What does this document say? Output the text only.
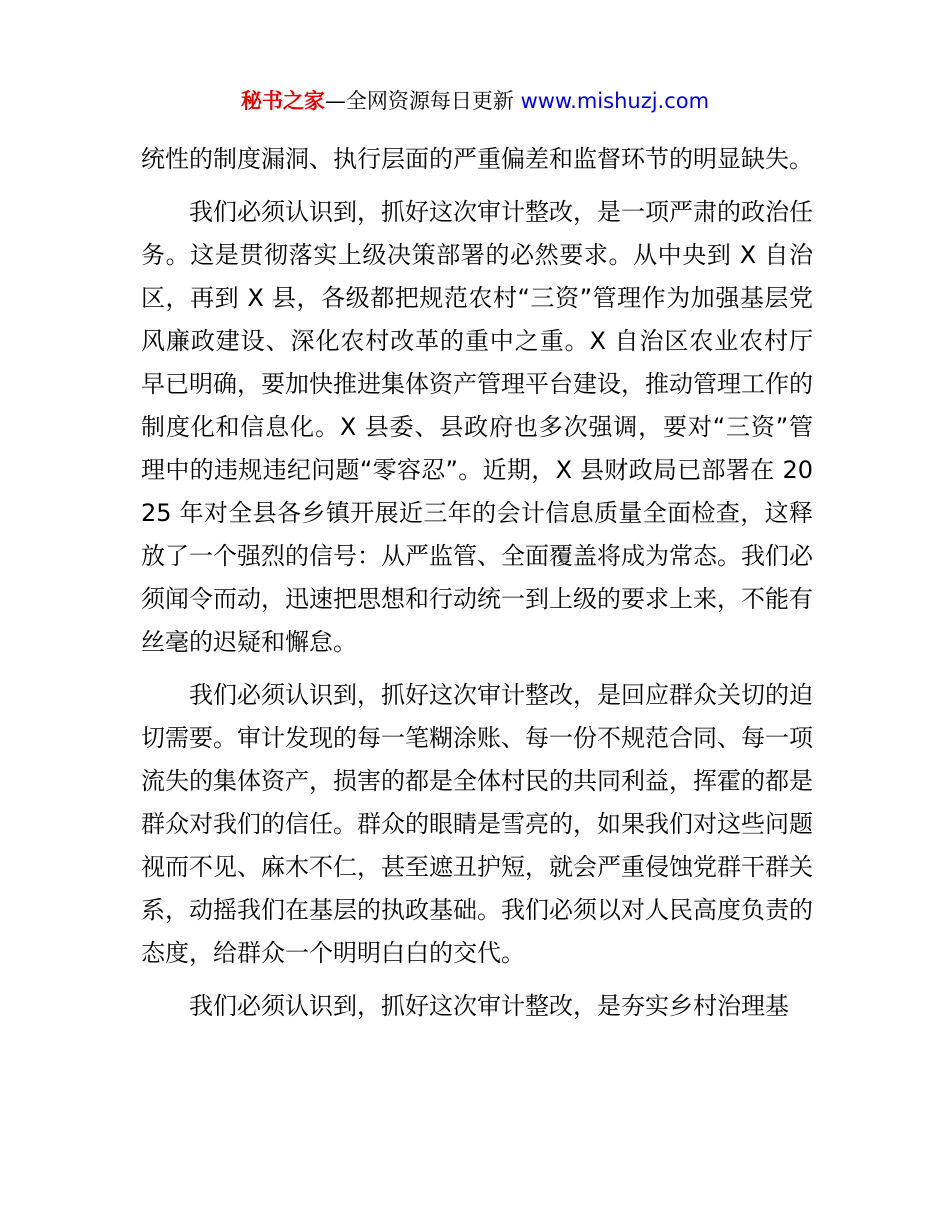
秘书之家—全网资源每日更新 www.mishuzj.com

统性的制度漏洞、执行层面的严重偏差和监督环节的明显缺失。

我们必须认识到，抓好这次审计整改，是一项严肃的政治任务。这是贯彻落实上级决策部署的必然要求。从中央到 X 自治区，再到 X 县，各级都把规范农村“三资”管理作为加强基层党风廉政建设、深化农村改革的重中之重。X 自治区农业农村厅早已明确，要加快推进集体资产管理平台建设，推动管理工作的制度化和信息化。X 县委、县政府也多次强调，要对“三资”管理中的违规违纪问题“零容忍”。近期，X 县财政局已部署在 2025 年对全县各乡镇开展近三年的会计信息质量全面检查，这释放了一个强烈的信号：从严监管、全面覆盖将成为常态。我们必须闻令而动，迅速把思想和行动统一到上级的要求上来，不能有丝毫的迟疑和懈怠。

我们必须认识到，抓好这次审计整改，是回应群众关切的迫切需要。审计发现的每一笔糊涂账、每一份不规范合同、每一项流失的集体资产，损害的都是全体村民的共同利益，挥霍的都是群众对我们的信任。群众的眼睛是雪亮的，如果我们对这些问题视而不见、麻木不仁，甚至遮丑护短，就会严重侵蚀党群干群关系，动摇我们在基层的执政基础。我们必须以对人民高度负责的态度，给群众一个明明白白的交代。

我们必须认识到，抓好这次审计整改，是夯实乡村治理基
